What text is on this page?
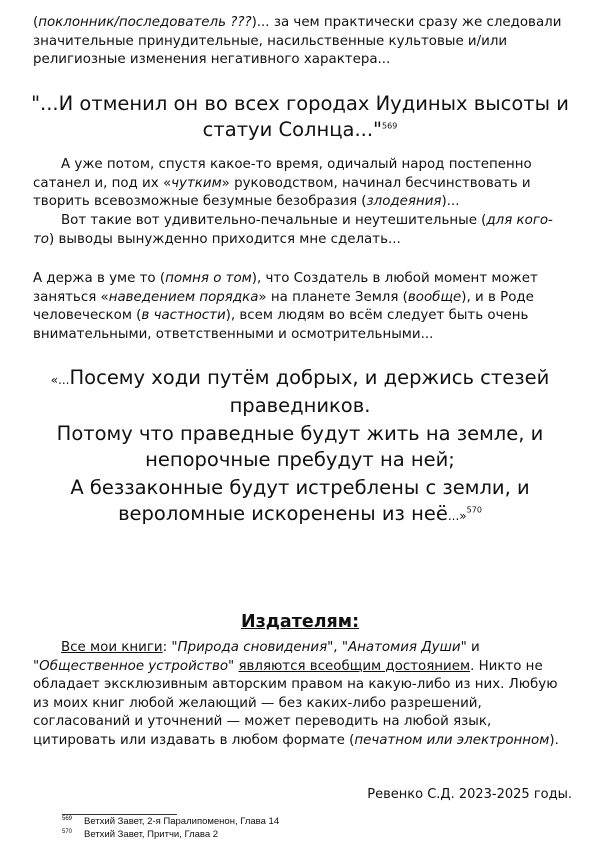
(поклонник/последователь ???)... за чем практически сразу же следовали значительные принудительные, насильственные культовые и/или религиозные изменения негативного характера...
"...И отменил он во всех городах Иудиных высоты и статуи Солнца..."$^{569}$
А уже потом, спустя какое-то время, одичалый народ постепенно сатанел и, под их «чутким» руководством, начинал бесчинствовать и творить всевозможные безумные безобразия (злодеяния)...
Вот такие вот удивительно-печальные и неутешительные (для кого-то) выводы вынужденно приходится мне сделать...
А держа в уме то (помня о том), что Создатель в любой момент может заняться «наведением порядка» на планете Земля (вообще), и в Роде человеческом (в частности), всем людям во всём следует быть очень внимательными, ответственными и осмотрительными...
«...Посему ходи путём добрых, и держись стезей праведников.
Потому что праведные будут жить на земле, и непорочные пребудут на ней;
А беззаконные будут истреблены с земли, и вероломные искоренены из неё...»$^{570}$
Издателям:
Все мои книги: "Природа сновидения", "Анатомия Души" и "Общественное устройство" являются всеобщим достоянием. Никто не обладает эксклюзивным авторским правом на какую-либо из них. Любую из моих книг любой желающий — без каких-либо разрешений, согласований и уточнений — может переводить на любой язык, цитировать или издавать в любом формате (печатном или электронном).
Ревенко С.Д. 2023-2025 годы.
$^{569}$ Ветхий Завет, 2-я Паралипоменон, Глава 14
$^{570}$ Ветхий Завет, Притчи, Глава 2
